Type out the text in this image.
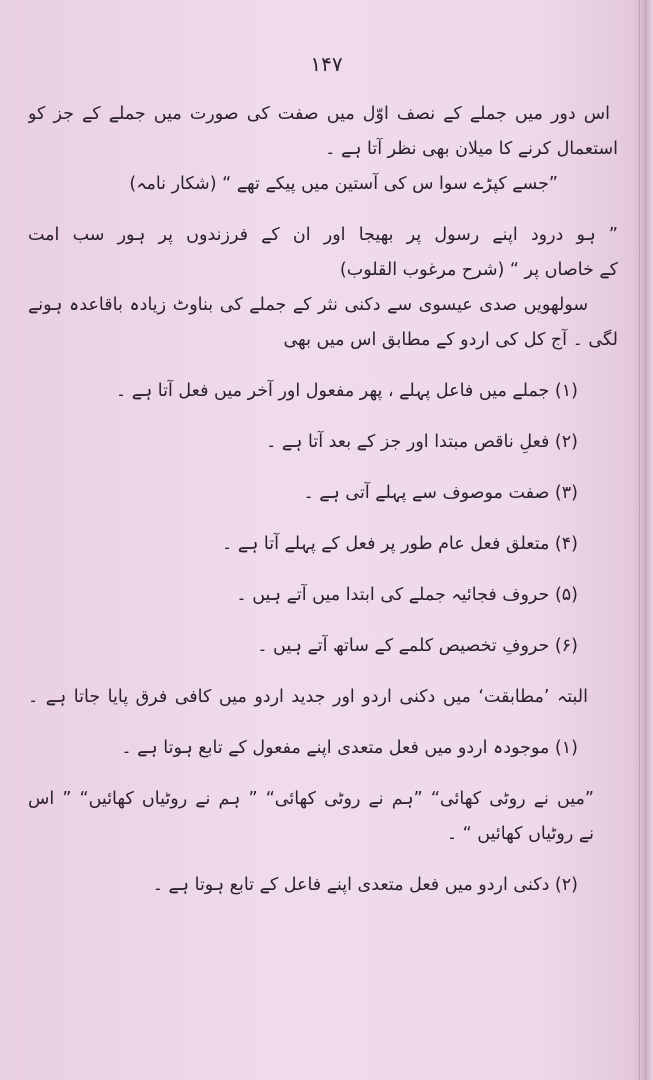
۱۴۷
اس دور میں جملے کے نصف اوّل میں صفت کی صورت میں جملے کے جز کو
استعمال کرنے کا میلان بھی نظر آتا ہے ۔
”جسے کپڑے سوا س کی آستین میں پیکے تھے “ (شکار نامہ)
” ہو درود اپنے رسول پر بھیجا اور ان کے فرزندوں پر ہور سب امت
کے خاصاں پر “ (شرح مرغوب القلوب)
سولھویں صدی عیسوی سے دکنی نثر کے جملے کی بناوٹ زیادہ باقاعدہ ہونے
لگی ۔ آج کل کی اردو کے مطابق اس میں بھی
(۱) جملے میں فاعل پہلے ، پھر مفعول اور آخر میں فعل آتا ہے ۔
(۲) فعلِ ناقص مبتدا اور جز کے بعد آتا ہے ۔
(۳) صفت موصوف سے پہلے آتی ہے ۔
(۴) متعلق فعل عام طور پر فعل کے پہلے آتا ہے ۔
(۵) حروف فجائیہ جملے کی ابتدا میں آتے ہیں ۔
(۶) حروفِ تخصیص کلمے کے ساتھ آتے ہیں ۔
البتہ ’مطابقت‘ میں دکنی اردو اور جدید اردو میں کافی فرق پایا جاتا ہے ۔
(۱) موجودہ اردو میں فعل متعدی اپنے مفعول کے تابع ہوتا ہے ۔
”میں نے روٹی کھائی“ ”ہم نے روٹی کھائی“ ” ہم نے روٹیاں کھائیں“ ” اس
نے روٹیاں کھائیں “ ۔
(۲) دکنی اردو میں فعل متعدی اپنے فاعل کے تابع ہوتا ہے ۔
